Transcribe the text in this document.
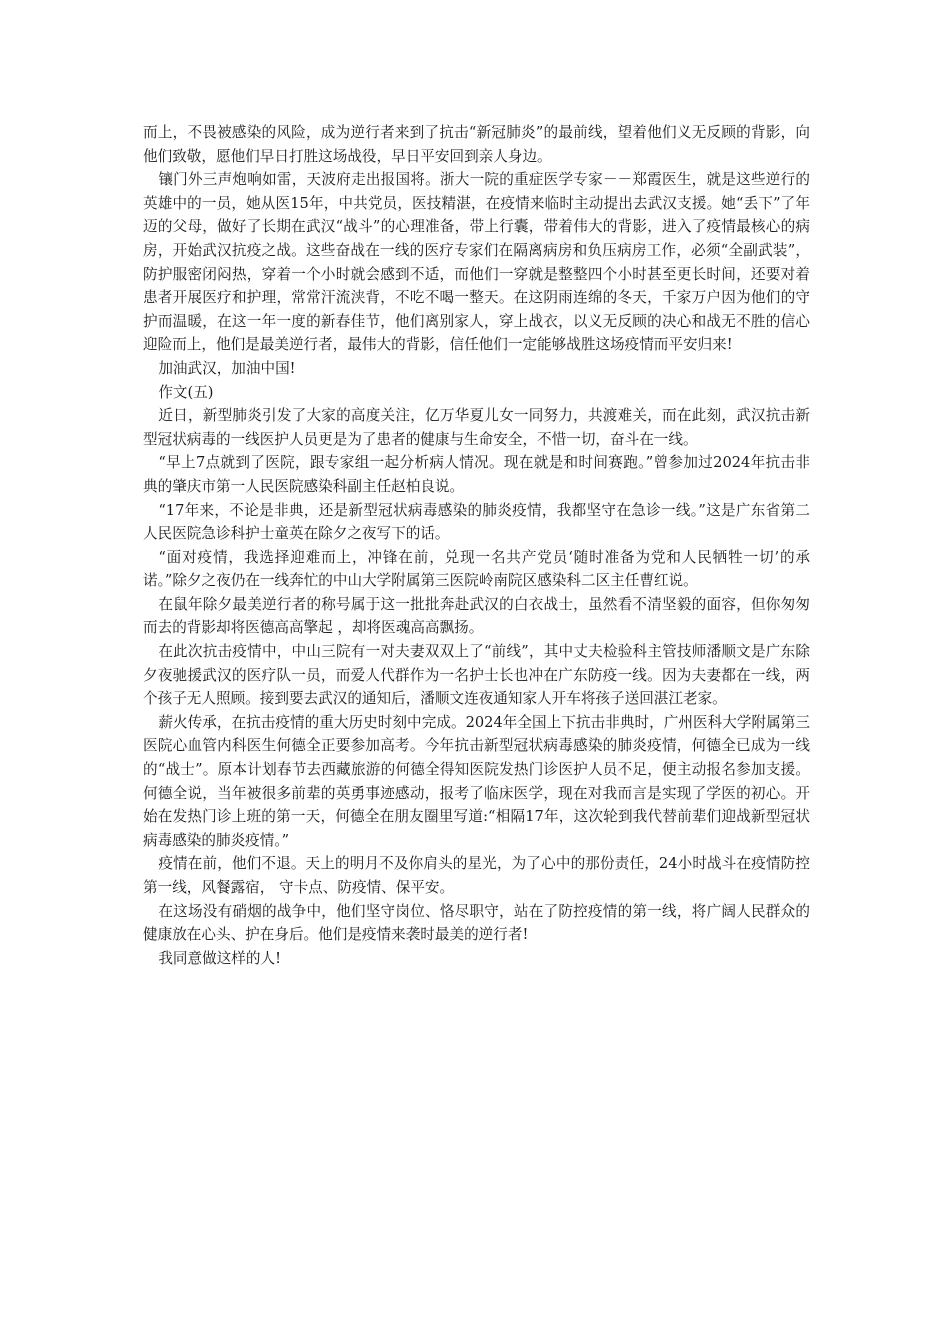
而上，不畏被感染的风险，成为逆行者来到了抗击“新冠肺炎”的最前线，望着他们义无反顾的背影，向他们致敬，愿他们早日打胜这场战役，早日平安回到亲人身边。

镶门外三声炮响如雷，天波府走出报国将。浙大一院的重症医学专家－－郑霞医生，就是这些逆行的英雄中的一员，她从医15年，中共党员，医技精湛，在疫情来临时主动提出去武汉支援。她“丢下”了年迈的父母，做好了长期在武汉“战斗”的心理准备，带上行囊，带着伟大的背影，进入了疫情最核心的病房，开始武汉抗疫之战。这些奋战在一线的医疗专家们在隔离病房和负压病房工作，必须“全副武装”，防护服密闭闷热，穿着一个小时就会感到不适，而他们一穿就是整整四个小时甚至更长时间，还要对着患者开展医疗和护理，常常汗流浃背，不吃不喝一整天。在这阴雨连绵的冬天，千家万户因为他们的守护而温暖，在这一年一度的新春佳节，他们离别家人，穿上战衣，以义无反顾的决心和战无不胜的信心迎险而上，他们是最美逆行者，最伟大的背影，信任他们一定能够战胜这场疫情而平安归来!

加油武汉，加油中国!

作文(五)

近日，新型肺炎引发了大家的高度关注，亿万华夏儿女一同努力，共渡难关，而在此刻，武汉抗击新型冠状病毒的一线医护人员更是为了患者的健康与生命安全，不惜一切，奋斗在一线。

“早上7点就到了医院，跟专家组一起分析病人情况。现在就是和时间赛跑。”曾参加过2024年抗击非典的肇庆市第一人民医院感染科副主任赵柏良说。

“17年来，不论是非典，还是新型冠状病毒感染的肺炎疫情，我都坚守在急诊一线。”这是广东省第二人民医院急诊科护士童英在除夕之夜写下的话。

“面对疫情，我选择迎难而上，冲锋在前，兑现一名共产党员‘随时准备为党和人民牺牲一切’的承诺。”除夕之夜仍在一线奔忙的中山大学附属第三医院岭南院区感染科二区主任曹红说。

在鼠年除夕最美逆行者的称号属于这一批批奔赴武汉的白衣战士，虽然看不清坚毅的面容，但你匆匆而去的背影却将医德高高擎起 ，却将医魂高高飘扬。

在此次抗击疫情中，中山三院有一对夫妻双双上了“前线”，其中丈夫检验科主管技师潘顺文是广东除夕夜驰援武汉的医疗队一员，而爱人代群作为一名护士长也冲在广东防疫一线。因为夫妻都在一线，两个孩子无人照顾。接到要去武汉的通知后，潘顺文连夜通知家人开车将孩子送回湛江老家。

薪火传承，在抗击疫情的重大历史时刻中完成。2024年全国上下抗击非典时，广州医科大学附属第三医院心血管内科医生何德全正要参加高考。今年抗击新型冠状病毒感染的肺炎疫情，何德全已成为一线的“战士”。原本计划春节去西藏旅游的何德全得知医院发热门诊医护人员不足，便主动报名参加支援。何德全说，当年被很多前辈的英勇事迹感动，报考了临床医学，现在对我而言是实现了学医的初心。开始在发热门诊上班的第一天，何德全在朋友圈里写道:“相隔17年，这次轮到我代替前辈们迎战新型冠状病毒感染的肺炎疫情。”

疫情在前，他们不退。天上的明月不及你肩头的星光，为了心中的那份责任，24小时战斗在疫情防控第一线，风餐露宿， 守卡点、防疫情、保平安。

在这场没有硝烟的战争中，他们坚守岗位、恪尽职守，站在了防控疫情的第一线，将广阔人民群众的健康放在心头、护在身后。他们是疫情来袭时最美的逆行者!

我同意做这样的人!
